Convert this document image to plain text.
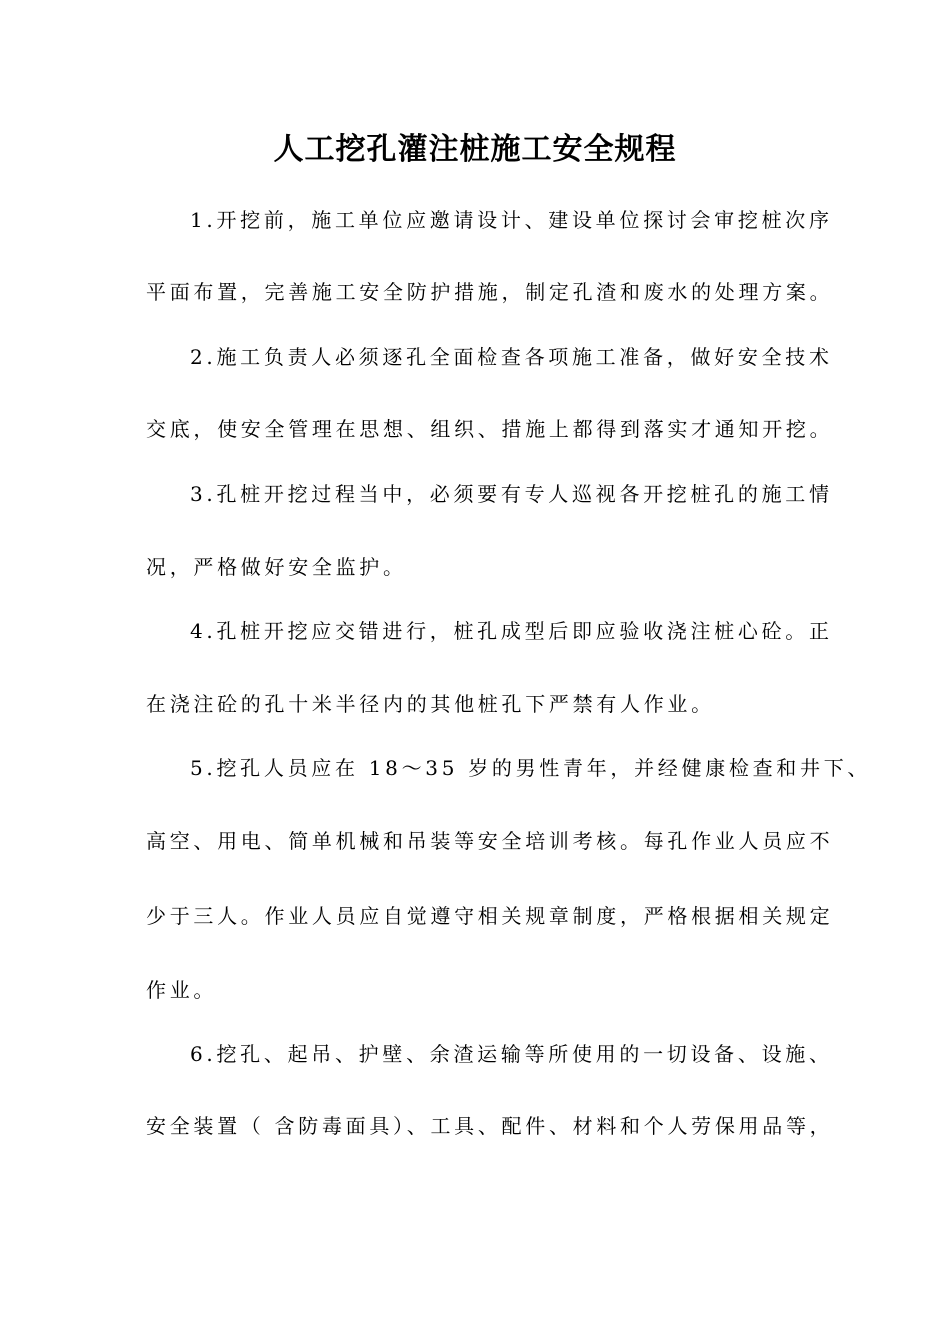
人工挖孔灌注桩施工安全规程
1.开挖前，施工单位应邀请设计、建设单位探讨会审挖桩次序
平面布置，完善施工安全防护措施，制定孔渣和废水的处理方案。
2.施工负责人必须逐孔全面检查各项施工准备，做好安全技术
交底，使安全管理在思想、组织、措施上都得到落实才通知开挖。
3.孔桩开挖过程当中，必须要有专人巡视各开挖桩孔的施工情
况，严格做好安全监护。
4.孔桩开挖应交错进行，桩孔成型后即应验收浇注桩心砼。正
在浇注砼的孔十米半径内的其他桩孔下严禁有人作业。
5.挖孔人员应在 18～35 岁的男性青年，并经健康检查和井下、
高空、用电、简单机械和吊装等安全培训考核。每孔作业人员应不
少于三人。作业人员应自觉遵守相关规章制度，严格根据相关规定
作业。
6.挖孔、起吊、护壁、余渣运输等所使用的一切设备、设施、
安全装置（ 含防毒面具）、工具、配件、材料和个人劳保用品等，
